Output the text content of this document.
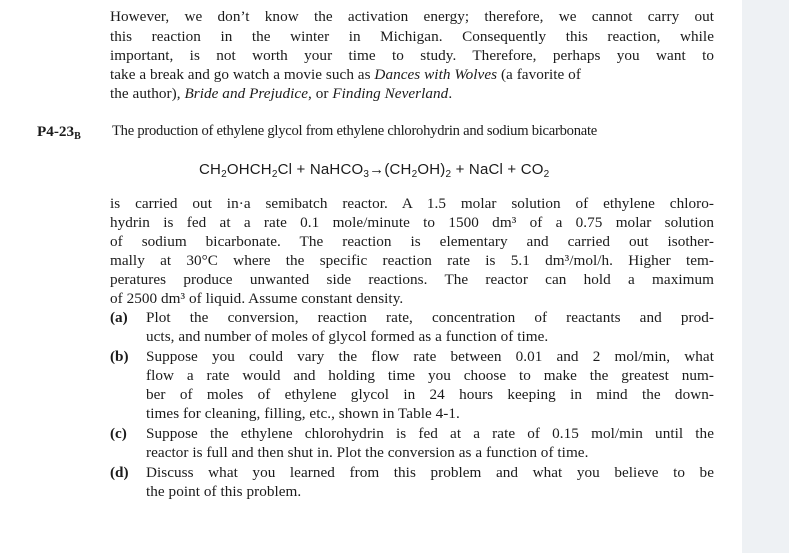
However, we don’t know the activation energy; therefore, we cannot carry out
this reaction in the winter in Michigan. Consequently this reaction, while
important, is not worth your time to study. Therefore, perhaps you want to
take a break and go watch a movie such as Dances with Wolves (a favorite of
the author), Bride and Prejudice, or Finding Neverland.
$P4-23_B$ The production of ethylene glycol from ethylene chlorohydrin and sodium bicarbonate
$CH_2OHCH_2Cl$ + $NaHCO_3\to(CH_2OH)_2$ + NaCl + $CO_2$
is carried out in·a semibatch reactor. A 1.5 molar solution of ethylene chloro-
hydrin is fed at a rate 0.1 mole/minute to 1500 dm³ of a 0.75 molar solution
of sodium bicarbonate. The reaction is elementary and carried out isother-
mally at 30°C where the specific reaction rate is 5.1 dm³/mol/h. Higher tem-
peratures produce unwanted side reactions. The reactor can hold a maximum
of 2500 dm³ of liquid. Assume constant density.
(a) Plot the conversion, reaction rate, concentration of reactants and prod-
ucts, and number of moles of glycol formed as a function of time.
(b) Suppose you could vary the flow rate between 0.01 and 2 mol/min, what
flow a rate would and holding time you choose to make the greatest num-
ber of moles of ethylene glycol in 24 hours keeping in mind the down-
times for cleaning, filling, etc., shown in Table 4-1.
(c) Suppose the ethylene chlorohydrin is fed at a rate of 0.15 mol/min until the
reactor is full and then shut in. Plot the conversion as a function of time.
(d) Discuss what you learned from this problem and what you believe to be
the point of this problem.
